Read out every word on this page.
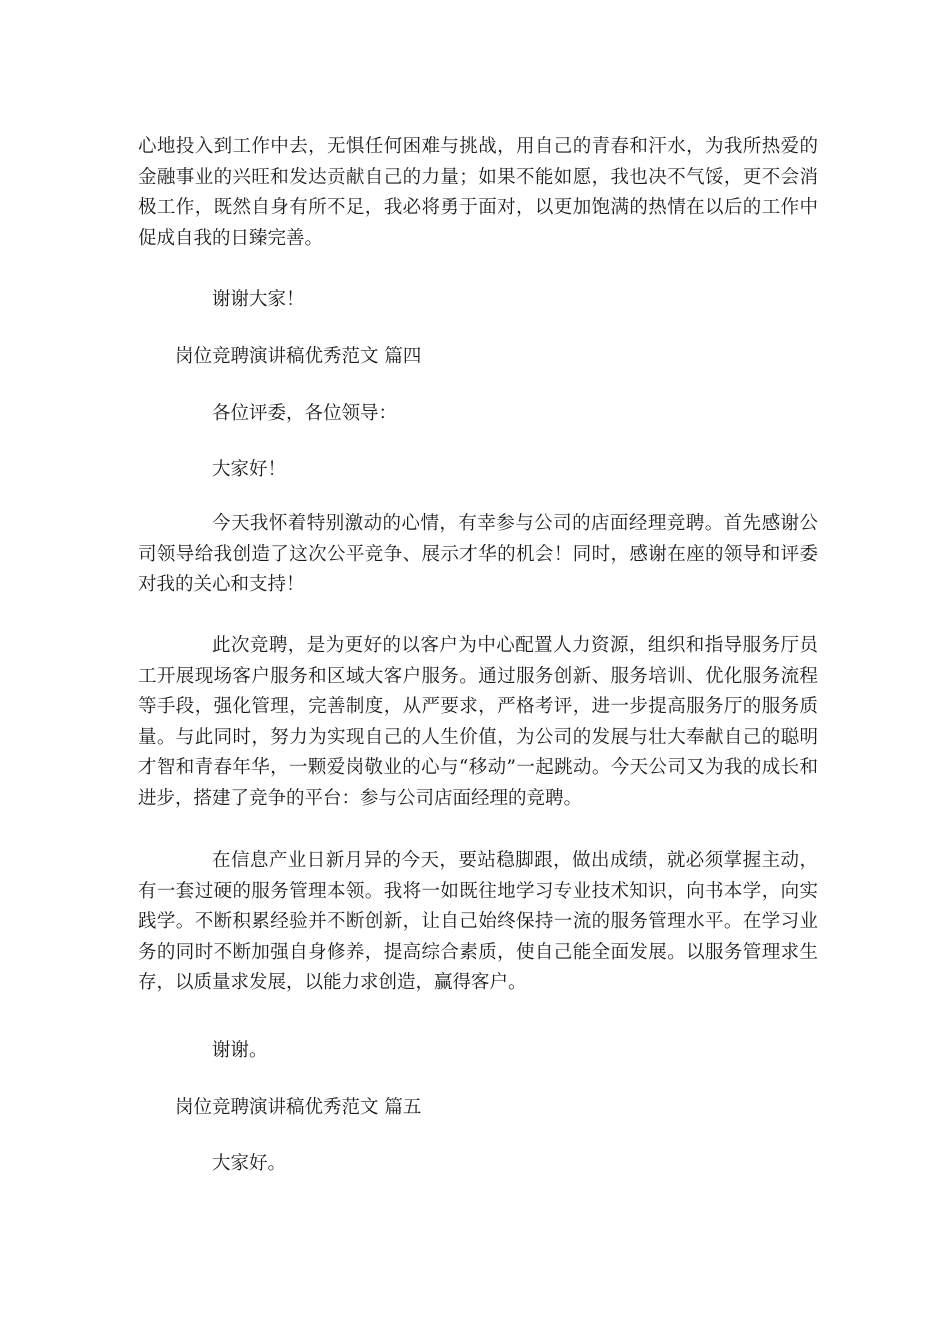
心地投入到工作中去，无惧任何困难与挑战，用自己的青春和汗水，为我所热爱的金融事业的兴旺和发达贡献自己的力量；如果不能如愿，我也决不气馁，更不会消极工作，既然自身有所不足，我必将勇于面对，以更加饱满的热情在以后的工作中促成自我的日臻完善。

谢谢大家！

岗位竞聘演讲稿优秀范文 篇四

各位评委，各位领导：

大家好！

今天我怀着特别激动的心情，有幸参与公司的店面经理竞聘。首先感谢公司领导给我创造了这次公平竞争、展示才华的机会！同时，感谢在座的领导和评委对我的关心和支持！

此次竞聘，是为更好的以客户为中心配置人力资源，组织和指导服务厅员工开展现场客户服务和区域大客户服务。通过服务创新、服务培训、优化服务流程等手段，强化管理，完善制度，从严要求，严格考评，进一步提高服务厅的服务质量。与此同时，努力为实现自己的人生价值，为公司的发展与壮大奉献自己的聪明才智和青春年华，一颗爱岗敬业的心与“移动”一起跳动。今天公司又为我的成长和进步，搭建了竞争的平台：参与公司店面经理的竞聘。

在信息产业日新月异的今天，要站稳脚跟，做出成绩，就必须掌握主动，有一套过硬的服务管理本领。我将一如既往地学习专业技术知识，向书本学，向实践学。不断积累经验并不断创新，让自己始终保持一流的服务管理水平。在学习业务的同时不断加强自身修养，提高综合素质，使自己能全面发展。以服务管理求生存，以质量求发展，以能力求创造，赢得客户。

谢谢。

岗位竞聘演讲稿优秀范文 篇五

大家好。
